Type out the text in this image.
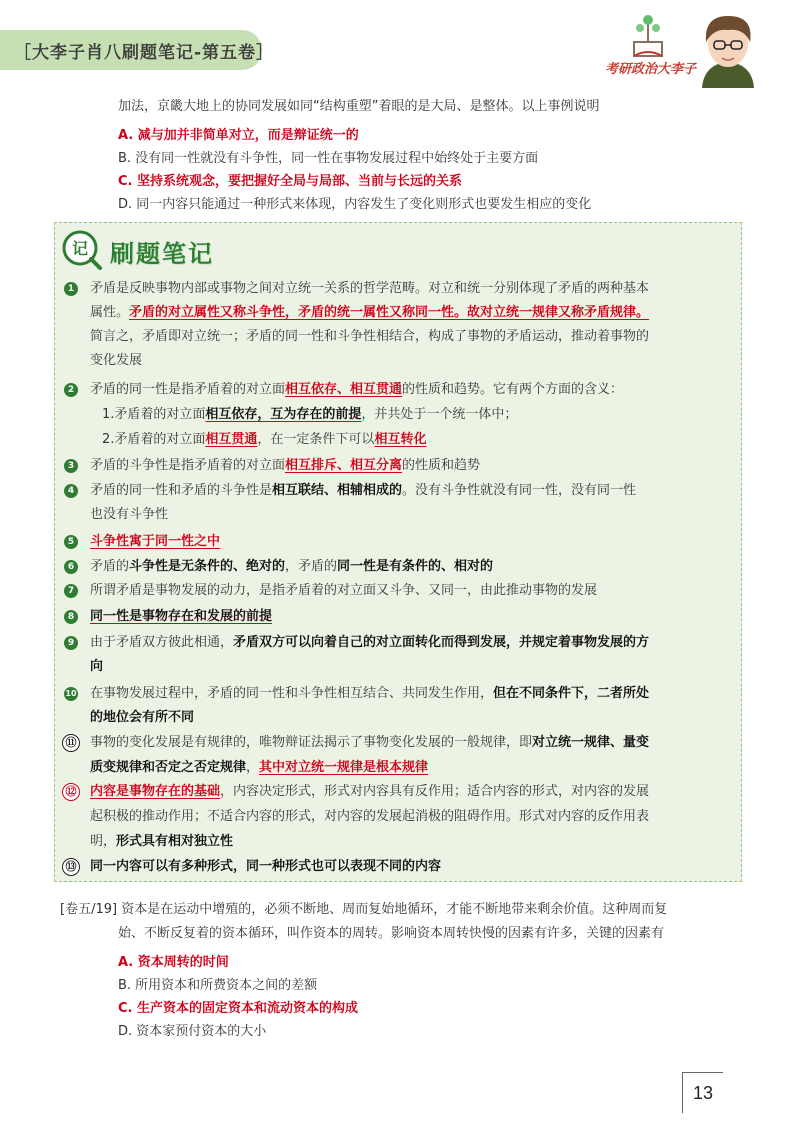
［大李子肖八刷题笔记-第五卷］
考研政治大李子
加法，京畿大地上的协同发展如同“结构重塑”着眼的是大局、是整体。以上事例说明
A. 减与加并非简单对立，而是辩证统一的
B. 没有同一性就没有斗争性，同一性在事物发展过程中始终处于主要方面
C. 坚持系统观念，要把握好全局与局部、当前与长远的关系
D. 同一内容只能通过一种形式来体现，内容发生了变化则形式也要发生相应的变化
记 刷题笔记
1 矛盾是反映事物内部或事物之间对立统一关系的哲学范畴。对立和统一分别体现了矛盾的两种基本
属性。矛盾的对立属性又称斗争性，矛盾的统一属性又称同一性。故对立统一规律又称矛盾规律。
简言之，矛盾即对立统一；矛盾的同一性和斗争性相结合，构成了事物的矛盾运动，推动着事物的
变化发展
2 矛盾的同一性是指矛盾着的对立面相互依存、相互贯通的性质和趋势。它有两个方面的含义：
1.矛盾着的对立面相互依存，互为存在的前提，并共处于一个统一体中；
2.矛盾着的对立面相互贯通，在一定条件下可以相互转化
3 矛盾的斗争性是指矛盾着的对立面相互排斥、相互分离的性质和趋势
4 矛盾的同一性和矛盾的斗争性是相互联结、相辅相成的。没有斗争性就没有同一性，没有同一性
也没有斗争性
5 斗争性寓于同一性之中
6 矛盾的斗争性是无条件的、绝对的，矛盾的同一性是有条件的、相对的
7 所谓矛盾是事物发展的动力，是指矛盾着的对立面又斗争、又同一，由此推动事物的发展
8 同一性是事物存在和发展的前提
9 由于矛盾双方彼此相通，矛盾双方可以向着自己的对立面转化而得到发展，并规定着事物发展的方
向
10 在事物发展过程中，矛盾的同一性和斗争性相互结合、共同发生作用，但在不同条件下，二者所处
的地位会有所不同
⑪ 事物的变化发展是有规律的，唯物辩证法揭示了事物变化发展的一般规律，即对立统一规律、量变
质变规律和否定之否定规律，其中对立统一规律是根本规律
⑫ 内容是事物存在的基础，内容决定形式，形式对内容具有反作用；适合内容的形式，对内容的发展
起积极的推动作用；不适合内容的形式，对内容的发展起消极的阻碍作用。形式对内容的反作用表
明，形式具有相对独立性
⑬ 同一内容可以有多种形式，同一种形式也可以表现不同的内容
[卷五/19] 资本是在运动中增殖的，必须不断地、周而复始地循环，才能不断地带来剩余价值。这种周而复
始、不断反复着的资本循环，叫作资本的周转。影响资本周转快慢的因素有许多，关键的因素有
A. 资本周转的时间
B. 所用资本和所费资本之间的差额
C. 生产资本的固定资本和流动资本的构成
D. 资本家预付资本的大小
13
